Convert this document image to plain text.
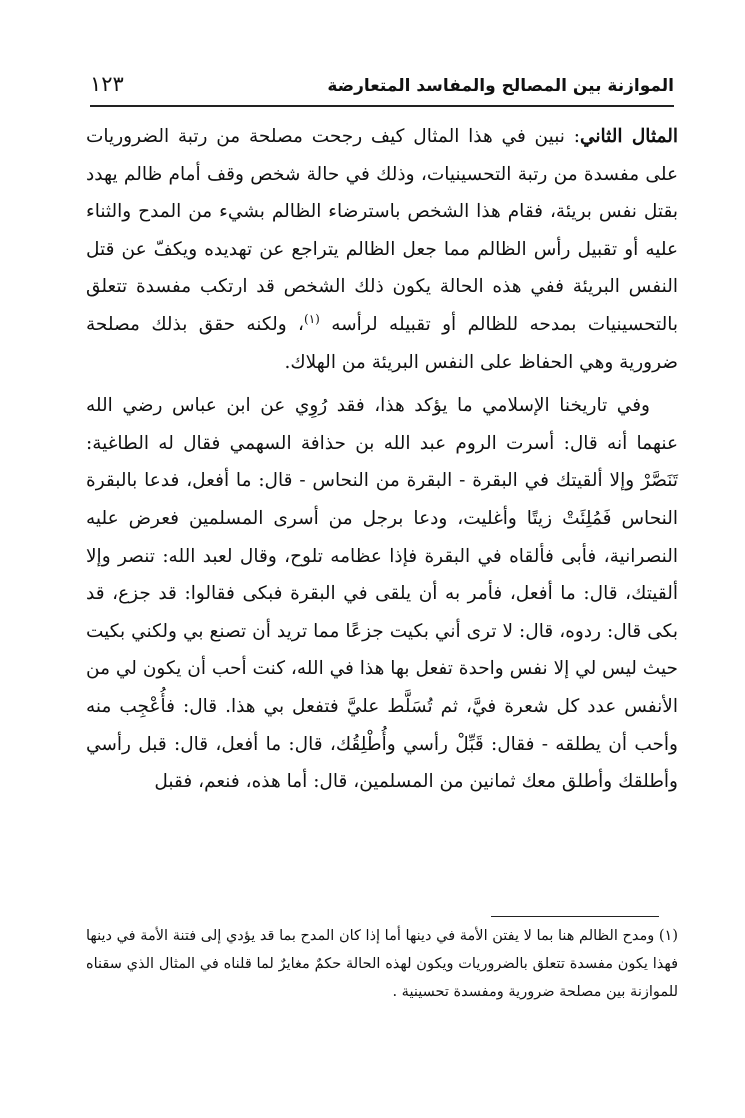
الموازنة بين المصالح والمفاسد المتعارضة
١٢٣

المثال الثاني: نبين في هذا المثال كيف رجحت مصلحة من رتبة الضروريات على مفسدة من رتبة التحسينيات، وذلك في حالة شخص وقف أمام ظالم يهدد بقتل نفس بريئة، فقام هذا الشخص باسترضاء الظالم بشيء من المدح والثناء عليه أو تقبيل رأس الظالم مما جعل الظالم يتراجع عن تهديده ويكفّ عن قتل النفس البريئة ففي هذه الحالة يكون ذلك الشخص قد ارتكب مفسدة تتعلق بالتحسينيات بمدحه للظالم أو تقبيله لرأسه $^{(١)}$، ولكنه حقق بذلك مصلحة ضرورية وهي الحفاظ على النفس البريئة من الهلاك.

وفي تاريخنا الإسلامي ما يؤكد هذا، فقد رُوِي عن ابن عباس رضي الله عنهما أنه قال: أسرت الروم عبد الله بن حذافة السهمي فقال له الطاغية: تَنَصَّرْ وإلا ألقيتك في البقرة - البقرة من النحاس - قال: ما أفعل، فدعا بالبقرة النحاس فَمُلِئَتْ زيتًا وأغليت، ودعا برجل من أسرى المسلمين فعرض عليه النصرانية، فأبى فألقاه في البقرة فإذا عظامه تلوح، وقال لعبد الله: تنصر وإلا ألقيتك، قال: ما أفعل، فأمر به أن يلقى في البقرة فبكى فقالوا: قد جزع، قد بكى قال: ردوه، قال: لا ترى أني بكيت جزعًا مما تريد أن تصنع بي ولكني بكيت حيث ليس لي إلا نفس واحدة تفعل بها هذا في الله، كنت أحب أن يكون لي من الأنفس عدد كل شعرة فيَّ، ثم تُسَلَّط عليَّ فتفعل بي هذا. قال: فأُعْجِب منه وأحب أن يطلقه - فقال: قَبِّلْ رأسي وأُطْلِقُك، قال: ما أفعل، قال: قبل رأسي وأطلقك وأطلق معك ثمانين من المسلمين، قال: أما هذه، فنعم، فقبل

(١) ومدح الظالم هنا بما لا يفتن الأمة في دينها أما إذا كان المدح بما قد يؤدي إلى فتنة الأمة في دينها فهذا يكون مفسدة تتعلق بالضروريات ويكون لهذه الحالة حكمٌ مغايرٌ لما قلناه في المثال الذي سقناه للموازنة بين مصلحة ضرورية ومفسدة تحسينية .
